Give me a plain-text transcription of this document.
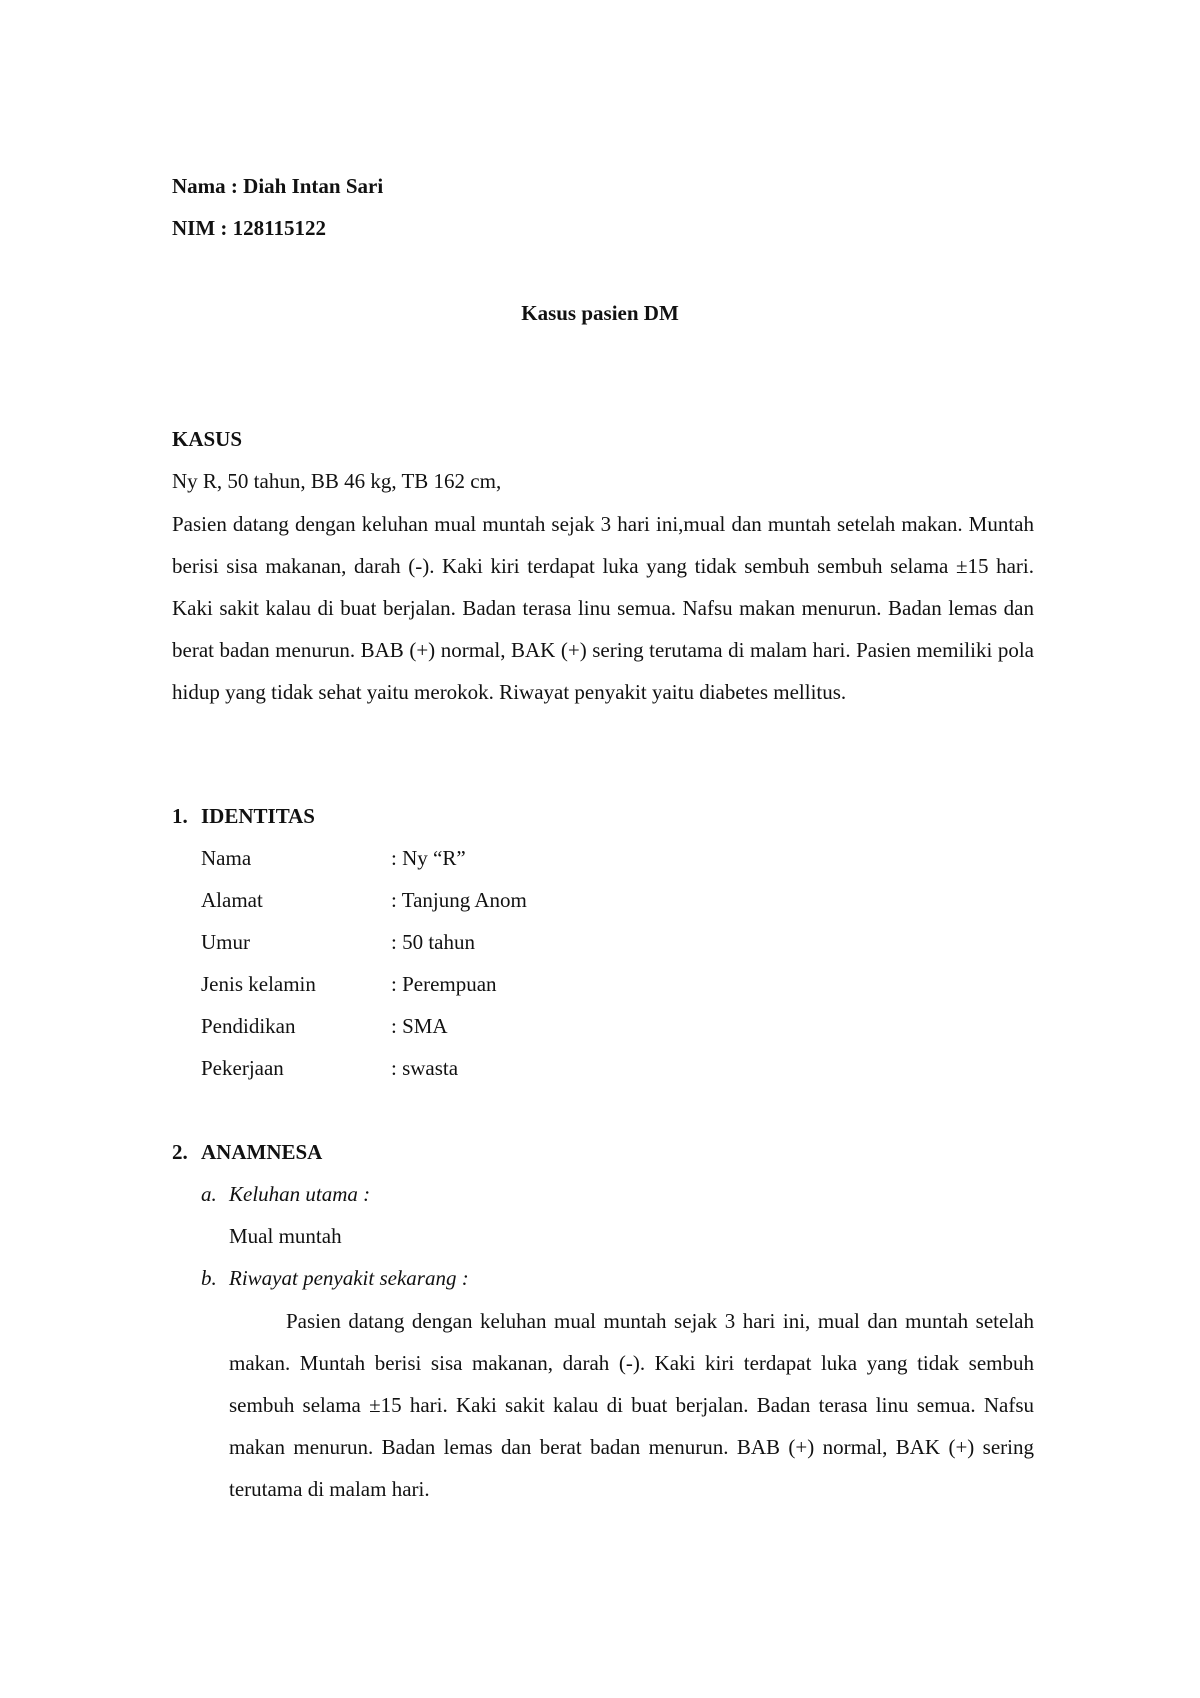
Nama : Diah Intan Sari
NIM : 128115122
Kasus pasien DM
KASUS
Ny R, 50 tahun, BB 46 kg, TB 162 cm,

Pasien datang dengan keluhan mual muntah sejak 3 hari ini,mual dan muntah setelah makan. Muntah berisi sisa makanan, darah (-). Kaki kiri terdapat luka yang tidak sembuh sembuh selama ±15 hari. Kaki sakit kalau di buat berjalan. Badan terasa linu semua. Nafsu makan menurun. Badan lemas dan berat badan menurun. BAB (+) normal, BAK (+) sering terutama di malam hari. Pasien memiliki pola hidup yang tidak sehat yaitu merokok. Riwayat penyakit yaitu diabetes mellitus.

1. IDENTITAS
Nama	: Ny “R”
Alamat	: Tanjung Anom
Umur	: 50 tahun
Jenis kelamin	: Perempuan
Pendidikan	: SMA
Pekerjaan	: swasta
2. ANAMNESA
a. Keluhan utama :
Mual muntah
b. Riwayat penyakit sekarang :

Pasien datang dengan keluhan mual muntah sejak 3 hari ini, mual dan muntah setelah makan. Muntah berisi sisa makanan, darah (-). Kaki kiri terdapat luka yang tidak sembuh sembuh selama ±15 hari. Kaki sakit kalau di buat berjalan. Badan terasa linu semua. Nafsu makan menurun. Badan lemas dan berat badan menurun. BAB (+) normal, BAK (+) sering terutama di malam hari.
